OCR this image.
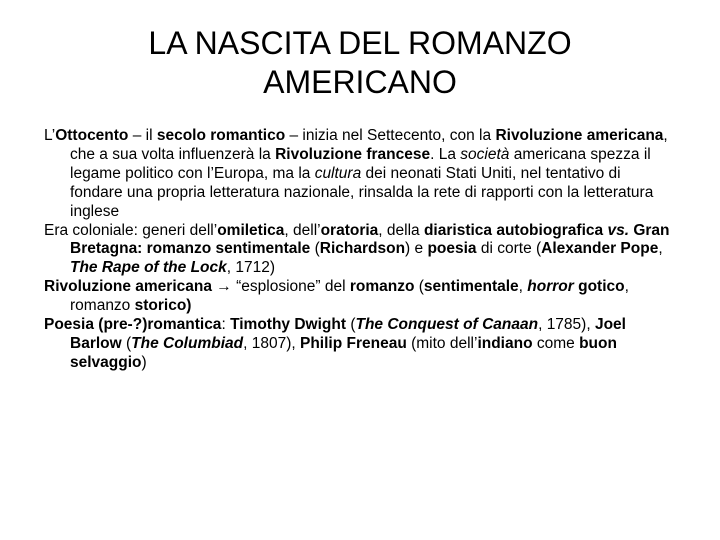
LA NASCITA DEL ROMANZO
AMERICANO

L’Ottocento – il secolo romantico – inizia nel Settecento, con la Rivoluzione americana, che a sua volta influenzerà la Rivoluzione francese. La società americana spezza il legame politico con l’Europa, ma la cultura dei neonati Stati Uniti, nel tentativo di fondare una propria letteratura nazionale, rinsalda la rete di rapporti con la letteratura inglese

Era coloniale: generi dell’omiletica, dell’oratoria, della diaristica autobiografica vs. Gran Bretagna: romanzo sentimentale (Richardson) e poesia di corte (Alexander Pope, The Rape of the Lock, 1712)

Rivoluzione americana → “esplosione” del romanzo (sentimentale, horror gotico, romanzo storico)

Poesia (pre-?)romantica: Timothy Dwight (The Conquest of Canaan, 1785), Joel Barlow (The Columbiad, 1807), Philip Freneau (mito dell’indiano come buon selvaggio)
